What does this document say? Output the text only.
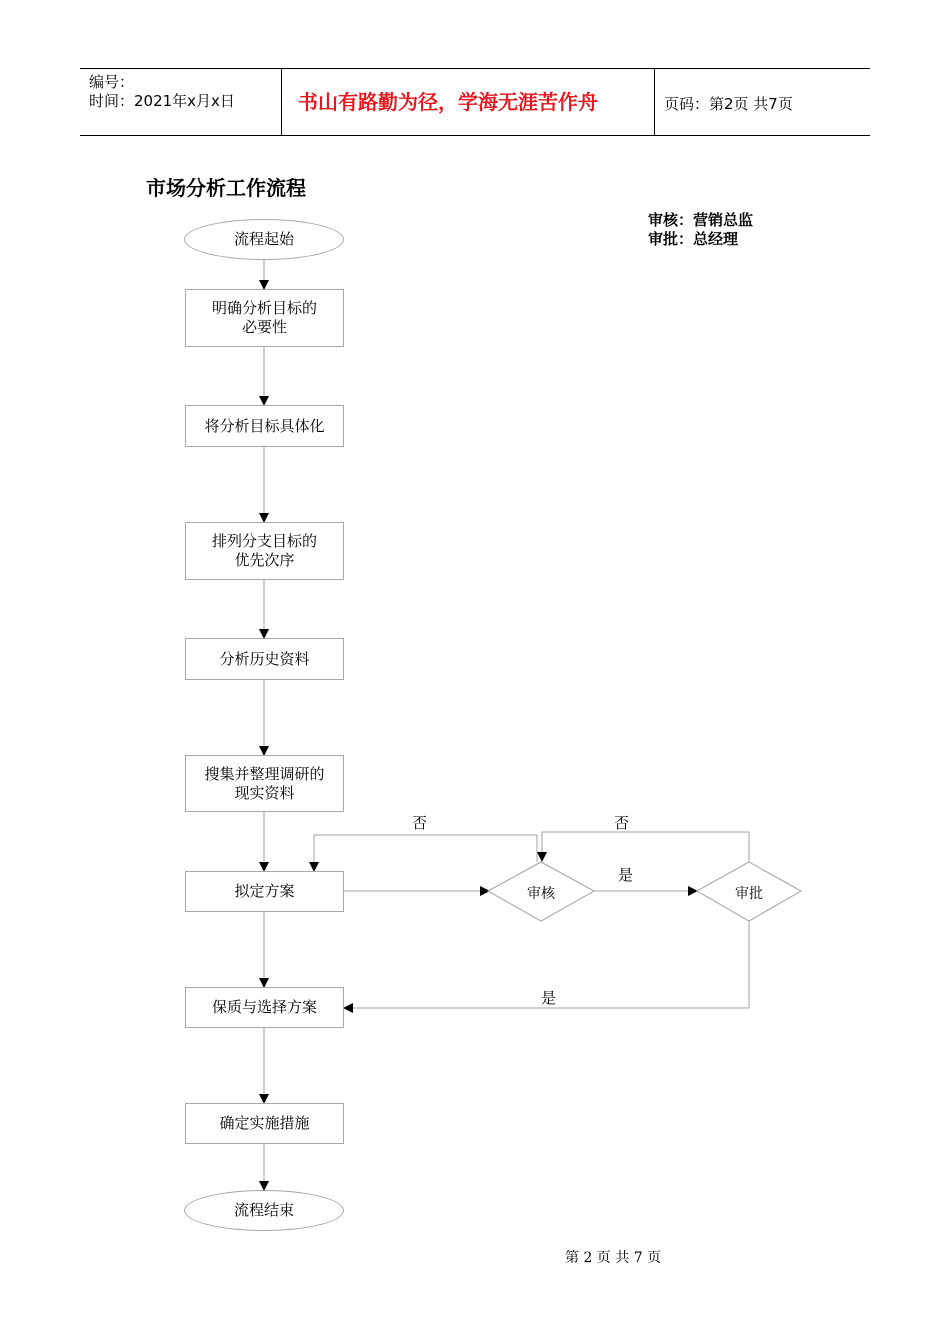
编号：
时间：2021年x月x日	书山有路勤为径，学海无涯苦作舟	页码：第2页 共7页
市场分析工作流程
审核：营销总监
审批：总经理
流程起始
明确分析目标的
必要性
将分析目标具体化
排列分支目标的
优先次序
分析历史资料
搜集并整理调研的
现实资料
拟定方案
保质与选择方案
确定实施措施
流程结束
审核	审批
否	否
是
是
第 2 页 共 7 页
